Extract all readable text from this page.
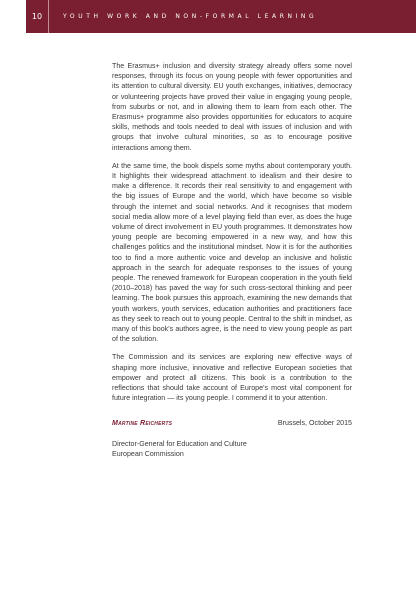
10	YOUTH WORK AND NON-FORMAL LEARNING

The Erasmus+ inclusion and diversity strategy already offers some novel responses, through its focus on young people with fewer opportunities and its attention to cultural diversity. EU youth exchanges, initiatives, democracy or volunteering projects have proved their value in engaging young people, from suburbs or not, and in allowing them to learn from each other. The Erasmus+ programme also provides opportunities for educators to acquire skills, methods and tools needed to deal with issues of inclusion and with groups that involve cultural minorities, so as to encourage positive interactions among them.

At the same time, the book dispels some myths about contemporary youth. It highlights their widespread attachment to idealism and their desire to make a difference. It records their real sensitivity to and engagement with the big issues of Europe and the world, which have become so visible through the internet and social networks. And it recognises that modern social media allow more of a level playing field than ever, as does the huge volume of direct involvement in EU youth programmes. It demonstrates how young people are becoming empowered in a new way, and how this challenges politics and the institutional mindset. Now it is for the authorities too to find a more authentic voice and develop an inclusive and holistic approach in the search for adequate responses to the issues of young people. The renewed framework for European cooperation in the youth field (2010–2018) has paved the way for such cross-sectoral thinking and peer learning. The book pursues this approach, examining the new demands that youth workers, youth services, education authorities and practitioners face as they seek to reach out to young people. Central to the shift in mindset, as many of this book’s authors agree, is the need to view young people as part of the solution.

The Commission and its services are exploring new effective ways of shaping more inclusive, innovative and reflective European societies that empower and protect all citizens. This book is a contribution to the reflections that should take account of Europe’s most vital component for future integration — its young people. I commend it to your attention.

Martine Reicherts	Brussels, October 2015
Director-General for Education and Culture
European Commission
